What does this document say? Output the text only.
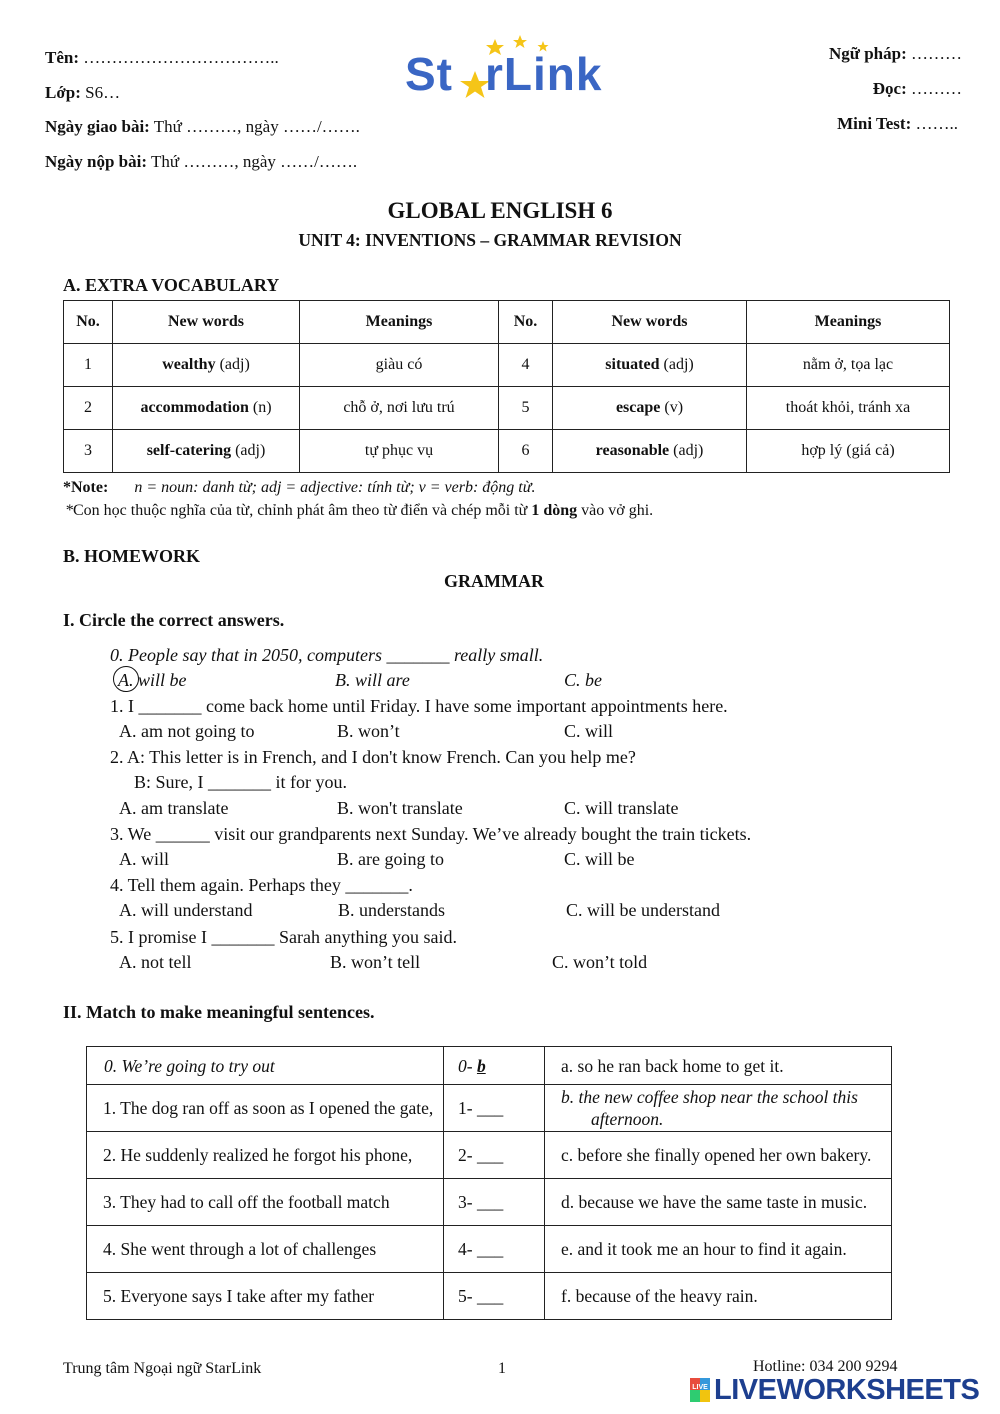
Tên: ……………………………..
Lớp: S6…
Ngày giao bài: Thứ ………, ngày ……/…….
Ngày nộp bài: Thứ ………, ngày ……/…….
Ngữ pháp: ………
Đọc: ………
Mini Test: ……..
St rLink
GLOBAL ENGLISH 6
UNIT 4: INVENTIONS – GRAMMAR REVISION
A. EXTRA VOCABULARY
No.	New words	Meanings	No.	New words	Meanings
1	wealthy (adj)	giàu có	4	situated (adj)	nằm ở, tọa lạc
2	accommodation (n)	chỗ ở, nơi lưu trú	5	escape (v)	thoát khỏi, tránh xa
3	self-catering (adj)	tự phục vụ	6	reasonable (adj)	hợp lý (giá cả)
*Note: n = noun: danh từ; adj = adjective: tính từ; v = verb: động từ.
*Con học thuộc nghĩa của từ, chỉnh phát âm theo từ điển và chép mỗi từ 1 dòng vào vở ghi.
B. HOMEWORK
GRAMMAR
I. Circle the correct answers.
0. People say that in 2050, computers _______ really small.
A. will be	B. will are	C. be
1. I _______ come back home until Friday. I have some important appointments here.
A. am not going to	B. won’t	C. will
2. A: This letter is in French, and I don't know French. Can you help me?
B: Sure, I _______ it for you.
A. am translate	B. won't translate	C. will translate
3. We ______ visit our grandparents next Sunday. We’ve already bought the train tickets.
A. will	B. are going to	C. will be
4. Tell them again. Perhaps they _______.
A. will understand	B. understands	C. will be understand
5. I promise I _______ Sarah anything you said.
A. not tell	B. won’t tell	C. won’t told
II. Match to make meaningful sentences.
0. We’re going to try out	0- b	a. so he ran back home to get it.
1. The dog ran off as soon as I opened the gate,	1- ___	b. the new coffee shop near the school this afternoon.
2. He suddenly realized he forgot his phone,	2- ___	c. before she finally opened her own bakery.
3. They had to call off the football match	3- ___	d. because we have the same taste in music.
4. She went through a lot of challenges	4- ___	e. and it took me an hour to find it again.
5. Everyone says I take after my father	5- ___	f. because of the heavy rain.
Trung tâm Ngoại ngữ StarLink	1	Hotline: 034 200 9294
LIVE LIVEWORKSHEETS
